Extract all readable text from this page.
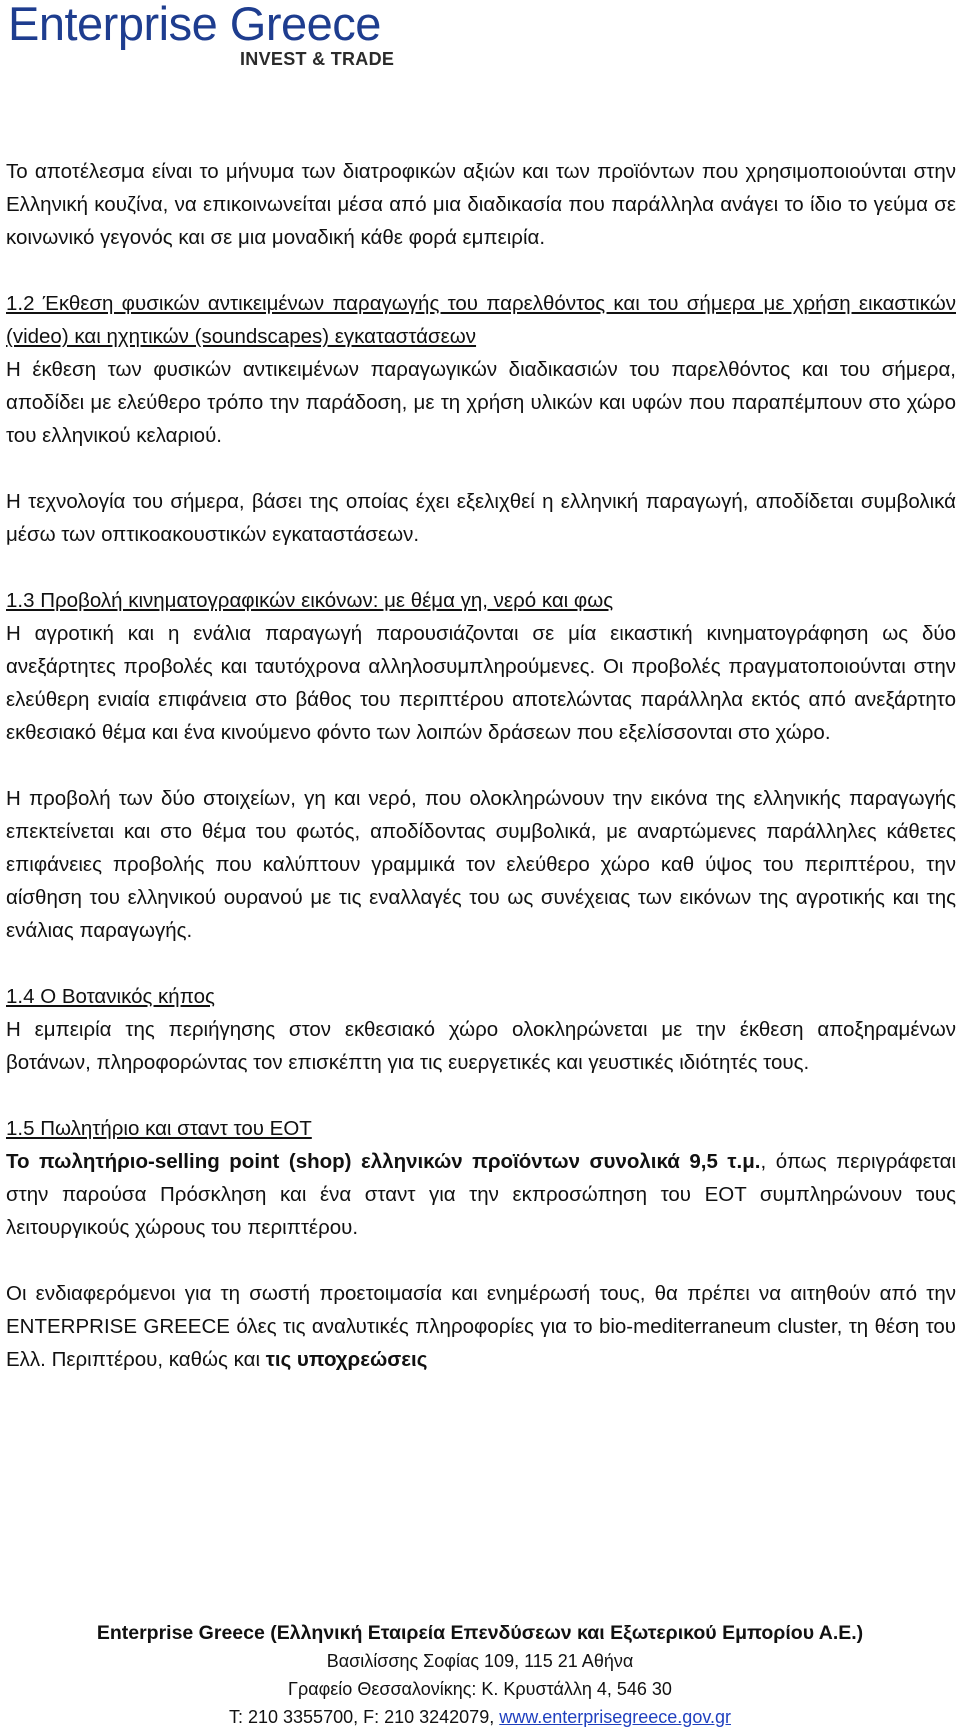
Enterprise Greece
INVEST & TRADE

Το αποτέλεσμα είναι το μήνυμα των διατροφικών αξιών και των προϊόντων που χρησιμοποιούνται στην Ελληνική κουζίνα, να επικοινωνείται μέσα από μια διαδικασία που παράλληλα ανάγει το ίδιο το γεύμα σε κοινωνικό γεγονός και σε μια μοναδική κάθε φορά εμπειρία.

1.2 Έκθεση φυσικών αντικειμένων παραγωγής του παρελθόντος και του σήμερα με χρήση εικαστικών (video) και ηχητικών (soundscapes) εγκαταστάσεων

Η έκθεση των φυσικών αντικειμένων παραγωγικών διαδικασιών του παρελθόντος και του σήμερα, αποδίδει με ελεύθερο τρόπο την παράδοση, με τη χρήση υλικών και υφών που παραπέμπουν στο χώρο του ελληνικού κελαριού.

Η τεχνολογία του σήμερα, βάσει της οποίας έχει εξελιχθεί η ελληνική παραγωγή, αποδίδεται συμβολικά μέσω των οπτικοακουστικών εγκαταστάσεων.

1.3 Προβολή κινηματογραφικών εικόνων: με θέμα γη, νερό και φως

Η αγροτική και η ενάλια παραγωγή παρουσιάζονται σε μία εικαστική κινηματογράφηση ως δύο ανεξάρτητες προβολές και ταυτόχρονα αλληλοσυμπληρούμενες. Οι προβολές πραγματοποιούνται στην ελεύθερη ενιαία επιφάνεια στο βάθος του περιπτέρου αποτελώντας παράλληλα εκτός από ανεξάρτητο εκθεσιακό θέμα και ένα κινούμενο φόντο των λοιπών δράσεων που εξελίσσονται στο χώρο.

Η προβολή των δύο στοιχείων, γη και νερό, που ολοκληρώνουν την εικόνα της ελληνικής παραγωγής επεκτείνεται και στο θέμα του φωτός, αποδίδοντας συμβολικά, με αναρτώμενες παράλληλες κάθετες επιφάνειες προβολής που καλύπτουν γραμμικά τον ελεύθερο χώρο καθ ύψος του περιπτέρου, την αίσθηση του ελληνικού ουρανού με τις εναλλαγές του ως συνέχειας των εικόνων της αγροτικής και της ενάλιας παραγωγής.

1.4 Ο Βοτανικός κήπος

Η εμπειρία της περιήγησης στον εκθεσιακό χώρο ολοκληρώνεται με την έκθεση αποξηραμένων βοτάνων, πληροφορώντας τον επισκέπτη για τις ευεργετικές και γευστικές ιδιότητές τους.

1.5 Πωλητήριο και σταντ του ΕΟΤ

Το πωλητήριο-selling point (shop) ελληνικών προϊόντων συνολικά 9,5 τ.μ., όπως περιγράφεται στην παρούσα Πρόσκληση και ένα σταντ για την εκπροσώπηση του ΕΟΤ συμπληρώνουν τους λειτουργικούς χώρους του περιπτέρου.

Οι ενδιαφερόμενοι για τη σωστή προετοιμασία και ενημέρωσή τους, θα πρέπει να αιτηθούν από την ENTERPRISE GREECE όλες τις αναλυτικές πληροφορίες για το bio-mediterraneum cluster, τη θέση του Ελλ. Περιπτέρου, καθώς και τις υποχρεώσεις

Enterprise Greece (Ελληνική Εταιρεία Επενδύσεων και Εξωτερικού Εμπορίου Α.Ε.)
Βασιλίσσης Σοφίας 109, 115 21 Αθήνα
Γραφείο Θεσσαλονίκης: Κ. Κρυστάλλη 4, 546 30
T: 210 3355700, F: 210 3242079, www.enterprisegreece.gov.gr
